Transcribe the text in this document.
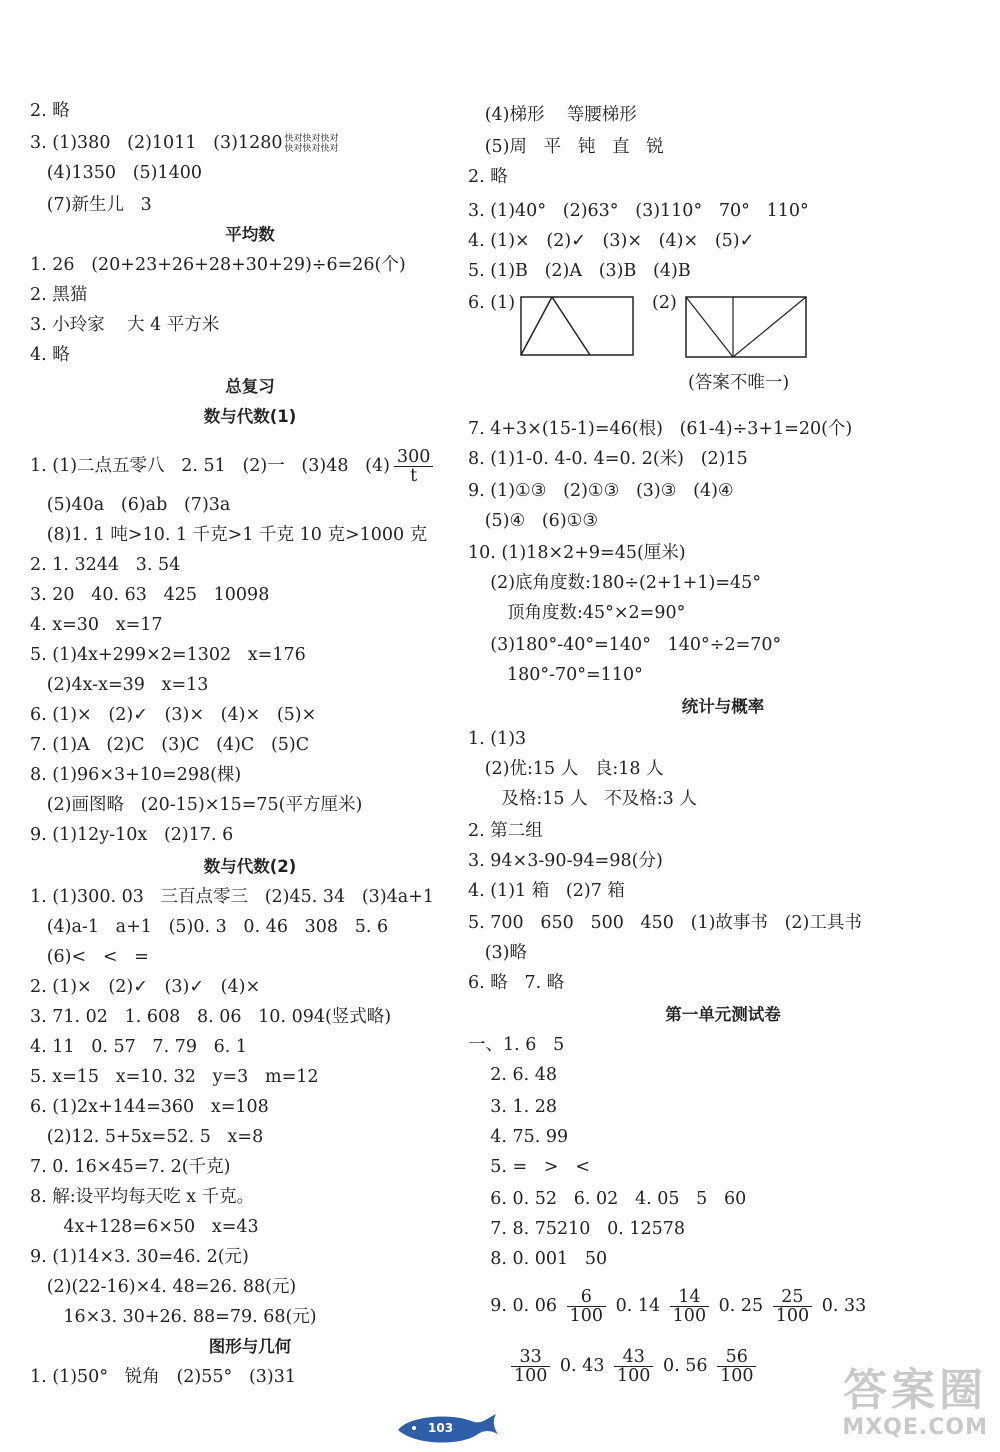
2. 略
3. (1)380   (2)1011   (3)1280 快对快对快对
快对快对快对
(4)1350   (5)1400
(7)新生儿   3
平均数
1. 26   (20+23+26+28+30+29)÷6=26(个)
2. 黑猫
3. 小玲家    大 4 平方米
4. 略
总复习
数与代数(1)
1. (1)二点五零八   2. 51   (2)一   (3)48   $(4) \frac{300}{t}$
(5)40a   (6)ab   (7)3a
(8)1. 1 吨>10. 1 千克>1 千克 10 克>1000 克
2. 1. 3244   3. 54
3. 20   40. 63   425   10098
4. x=30   x=17
5. (1)4x+299×2=1302   x=176
(2)4x-x=39   x=13
6. (1)×   (2)✓   (3)×   (4)×   (5)×
7. (1)A   (2)C   (3)C   (4)C   (5)C
8. (1)96×3+10=298(棵)
(2)画图略   (20-15)×15=75(平方厘米)
9. (1)12y-10x   (2)17. 6
数与代数(2)
1. (1)300. 03   三百点零三   (2)45. 34   (3)4a+1
(4)a-1   a+1   (5)0. 3   0. 46   308   5. 6
(6)<   <   =
2. (1)×   (2)✓   (3)✓   (4)×
3. 71. 02   1. 608   8. 06   10. 094(竖式略)
4. 11   0. 57   7. 79   6. 1
5. x=15   x=10. 32   y=3   m=12
6. (1)2x+144=360   x=108
(2)12. 5+5x=52. 5   x=8
7. 0. 16×45=7. 2(千克)
8. 解:设平均每天吃 x 千克。
4x+128=6×50   x=43
9. (1)14×3. 30=46. 2(元)
(2)(22-16)×4. 48=26. 88(元)
16×3. 30+26. 88=79. 68(元)
图形与几何
1. (1)50°   锐角   (2)55°   (3)31
(4)梯形    等腰梯形
(5)周   平   钝   直   锐
2. 略
3. (1)40°   (2)63°   (3)110°   70°   110°
4. (1)×   (2)✓   (3)×   (4)×   (5)✓
5. (1)B   (2)A   (3)B   (4)B
6. (1)	(2)
(答案不唯一)
7. 4+3×(15-1)=46(根)   (61-4)÷3+1=20(个)
8. (1)1-0. 4-0. 4=0. 2(米)   (2)15
9. (1)①③   (2)①③   (3)③   (4)④
(5)④   (6)①③
10. (1)18×2+9=45(厘米)
(2)底角度数:180÷(2+1+1)=45°
顶角度数:45°×2=90°
(3)180°-40°=140°   140°÷2=70°
180°-70°=110°
统计与概率
1. (1)3
(2)优:15 人   良:18 人
及格:15 人   不及格:3 人
2. 第二组
3. 94×3-90-94=98(分)
4. (1)1 箱   (2)7 箱
5. 700   650   500   450   (1)故事书   (2)工具书
(3)略
6. 略   7. 略
第一单元测试卷
一、1. 6   5
2. 6. 48
3. 1. 28
4. 75. 99
5. =   >   <
6. 0. 52   6. 02   4. 05   5   60
7. 8. 75210   0. 12578
8. 0. 001   50
9. 0. $06 \frac{6}{100} 0$. $14 \frac{14}{100} 0$. $25 \frac{25}{100} 0$. 33

$\frac{33}{100} 0$. $43 \frac{43}{100} 0$. $56 \frac{56}{100}$
103
答案圈
MXQE.COM
